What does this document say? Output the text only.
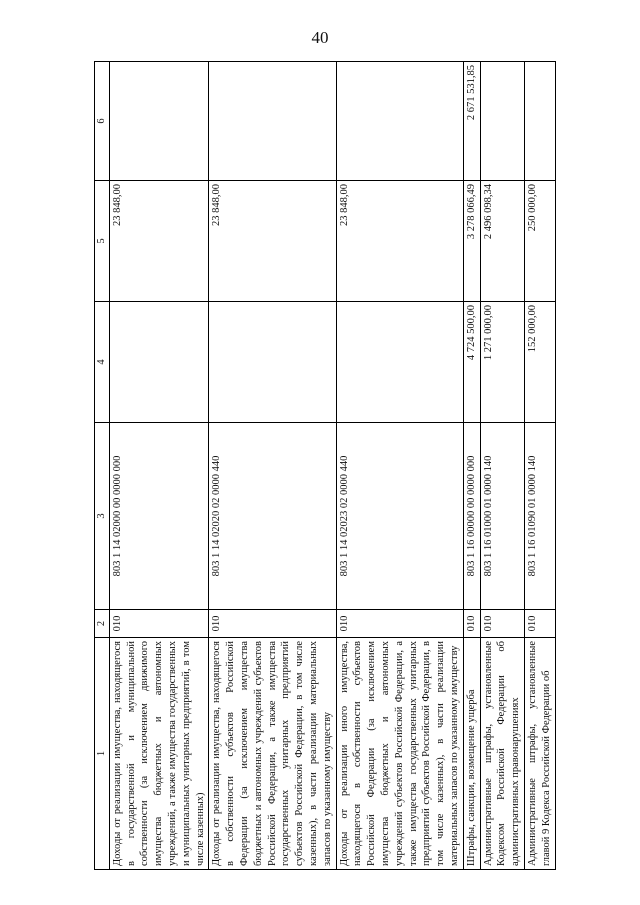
40
1	2	3	4	5	6
Доходы от реализации имущества, находящегося в государственной и муниципальной собственности (за исключением движимого имущества бюджетных и автономных учреждений, а также имущества государственных и муниципальных унитарных предприятий, в том числе казенных)	010	803 1 14 02000 00 0000 000		23 848,00	
Доходы от реализации имущества, находящегося в собственности субъектов Российской Федерации (за исключением имущества бюджетных и автономных учреждений субъектов Российской Федерации, а также имущества государственных унитарных предприятий субъектов Российской Федерации, в том числе казенных), в части реализации материальных запасов по указанному имуществу	010	803 1 14 02020 02 0000 440		23 848,00	
Доходы от реализации иного имущества, находящегося в собственности субъектов Российской Федерации (за исключением имущества бюджетных и автономных учреждений субъектов Российской Федерации, а также имущества государственных унитарных предприятий субъектов Российской Федерации, в том числе казенных), в части реализации материальных запасов по указанному имуществу	010	803 1 14 02023 02 0000 440		23 848,00	
Штрафы, санкции, возмещение ущерба	010	803 1 16 00000 00 0000 000	4 724 500,00	3 278 066,49	2 671 531,85
Административные штрафы, установленные Кодексом Российской Федерации об административных правонарушениях	010	803 1 16 01000 01 0000 140	1 271 000,00	2 496 098,34	
Административные штрафы, установленные главой 9 Кодекса Российской Федерации об	010	803 1 16 01090 01 0000 140	152 000,00	250 000,00	
